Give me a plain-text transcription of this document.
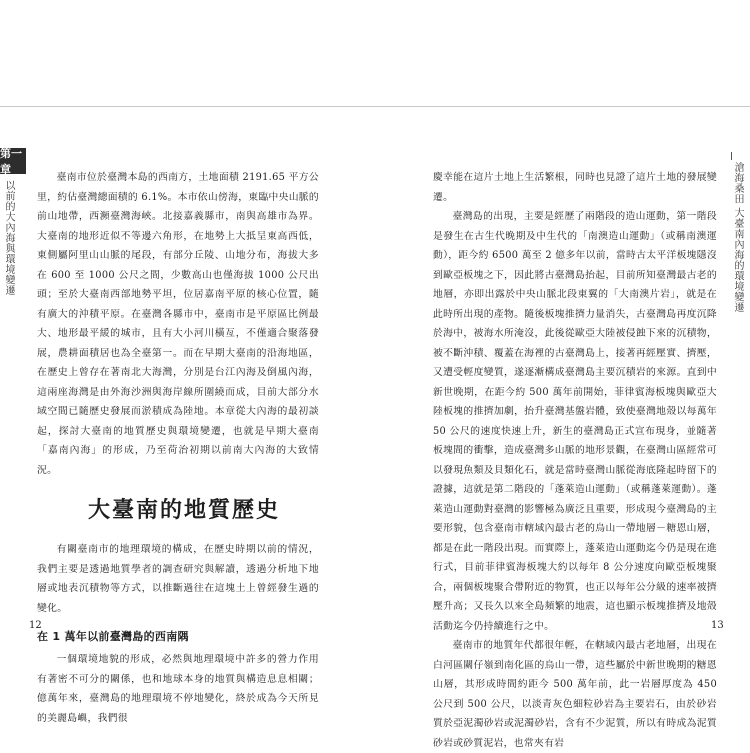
第一章
以前的大內海與環境變遷	滄海桑田 大臺南內海的環境變遷

臺南市位於臺灣本島的西南方，土地面積 2191.65 平方公里，約佔臺灣總面積的 6.1%。本市依山傍海，東臨中央山脈的前山地帶，西瀕臺灣海峽。北接嘉義縣市，南與高雄市為界。大臺南的地形近似不等邊六角形，在地勢上大抵呈東高西低，東側屬阿里山山脈的尾段，有部分丘陵、山地分布，海拔大多在 600 至 1000 公尺之間，少數高山也僅海拔 1000 公尺出頭；至於大臺南西部地勢平坦，位居嘉南平原的核心位置，隨有廣大的沖積平原。在臺灣各縣市中，臺南市是平原區比例最大、地形最平緩的城市，且有大小河川橫亙，不僅適合聚落發展，農耕面積居也為全臺第一。而在早期大臺南的沿海地區，在歷史上曾存在著南北大海灣，分別是台江內海及倒風內海，這兩座海灣是由外海沙洲與海岸線所圍繞而成，目前大部分水域空間已隨歷史發展而淤積成為陸地。本章從大內海的最初談起，探討大臺南的地質歷史與環境變遷，也就是早期大臺南「嘉南內海」的形成，乃至荷治初期以前南大內海的大致情況。

大臺南的地質歷史

有關臺南市的地理環境的構成，在歷史時期以前的情況，我們主要是透過地質學者的調查研究與解讀，透過分析地下地層或地表沉積物等方式，以推斷過往在這塊土上曾經發生過的變化。

在 1 萬年以前臺灣島的西南隅

一個環境地貌的形成，必然與地理環境中許多的營力作用有著密不可分的關係，也和地球本身的地質與構造息息相關；億萬年來，臺灣島的地理環境不停地變化，終於成為今天所見的美麗島嶼，我們很

慶幸能在這片土地上生活繁根，同時也見證了這片土地的發展變遷。

臺灣島的出現，主要是經歷了兩階段的造山運動，第一階段是發生在古生代晚期及中生代的「南澳造山運動」（或稱南澳運動），距今約 6500 萬至 2 億多年以前，當時古太平洋板塊隱沒到歐亞板塊之下，因此將古臺灣島抬起，目前所知臺灣最古老的地層，亦即出露於中央山脈北段東翼的「大南澳片岩」，就是在此時所出現的產物。隨後板塊推擠力量消失，古臺灣島再度沉降於海中，被海水所淹沒，此後從歐亞大陸被侵蝕下來的沉積物，被不斷沖積、覆蓋在海裡的古臺灣島上，接著再經壓實、擠壓，又遭受輕度變質，遂逐漸構成臺灣島主要沉積岩的來源。直到中新世晚期，在距今約 500 萬年前開始，菲律賓海板塊與歐亞大陸板塊的推擠加劇，抬升臺灣基盤岩體，致使臺灣地殼以每萬年 50 公尺的速度快速上升，新生的臺灣島正式宣布現身，並隨著板塊間的衝擊，造成臺灣多山脈的地形景觀，在臺灣山區經常可以發現魚類及貝類化石，就是當時臺灣山脈從海底隆起時留下的證據，這就是第二階段的「蓬萊造山運動」（或稱蓬萊運動）。蓬萊造山運動對臺灣的影響極為廣泛且重要，形成現今臺灣島的主要形貌，包含臺南市轄域內最古老的烏山一帶地層－糖恩山層，都是在此一階段出現。而實際上，蓬萊造山運動迄今仍是現在進行式，目前菲律賓海板塊大約以每年 8 公分速度向歐亞板塊聚合，兩個板塊聚合帶附近的物質，也正以每年公分級的速率被擠壓升高；又長久以來全島頻繁的地震，這也顯示板塊推擠及地殼活動迄今仍持續進行之中。

臺南市的地質年代都很年輕，在轄域內最古老地層，出現在白河區關仔嶺到南化區的烏山一帶，這些屬於中新世晚期的糖恩山層，其形成時間約距今 500 萬年前，此一岩層厚度為 450 公尺到 500 公尺，以淡青灰色細粒砂岩為主要岩石，由於砂岩質於亞泥濁砂岩或泥濁砂岩，含有不少泥質，所以有時成為泥質砂岩或砂質泥岩，也常夾有岩

12	13
